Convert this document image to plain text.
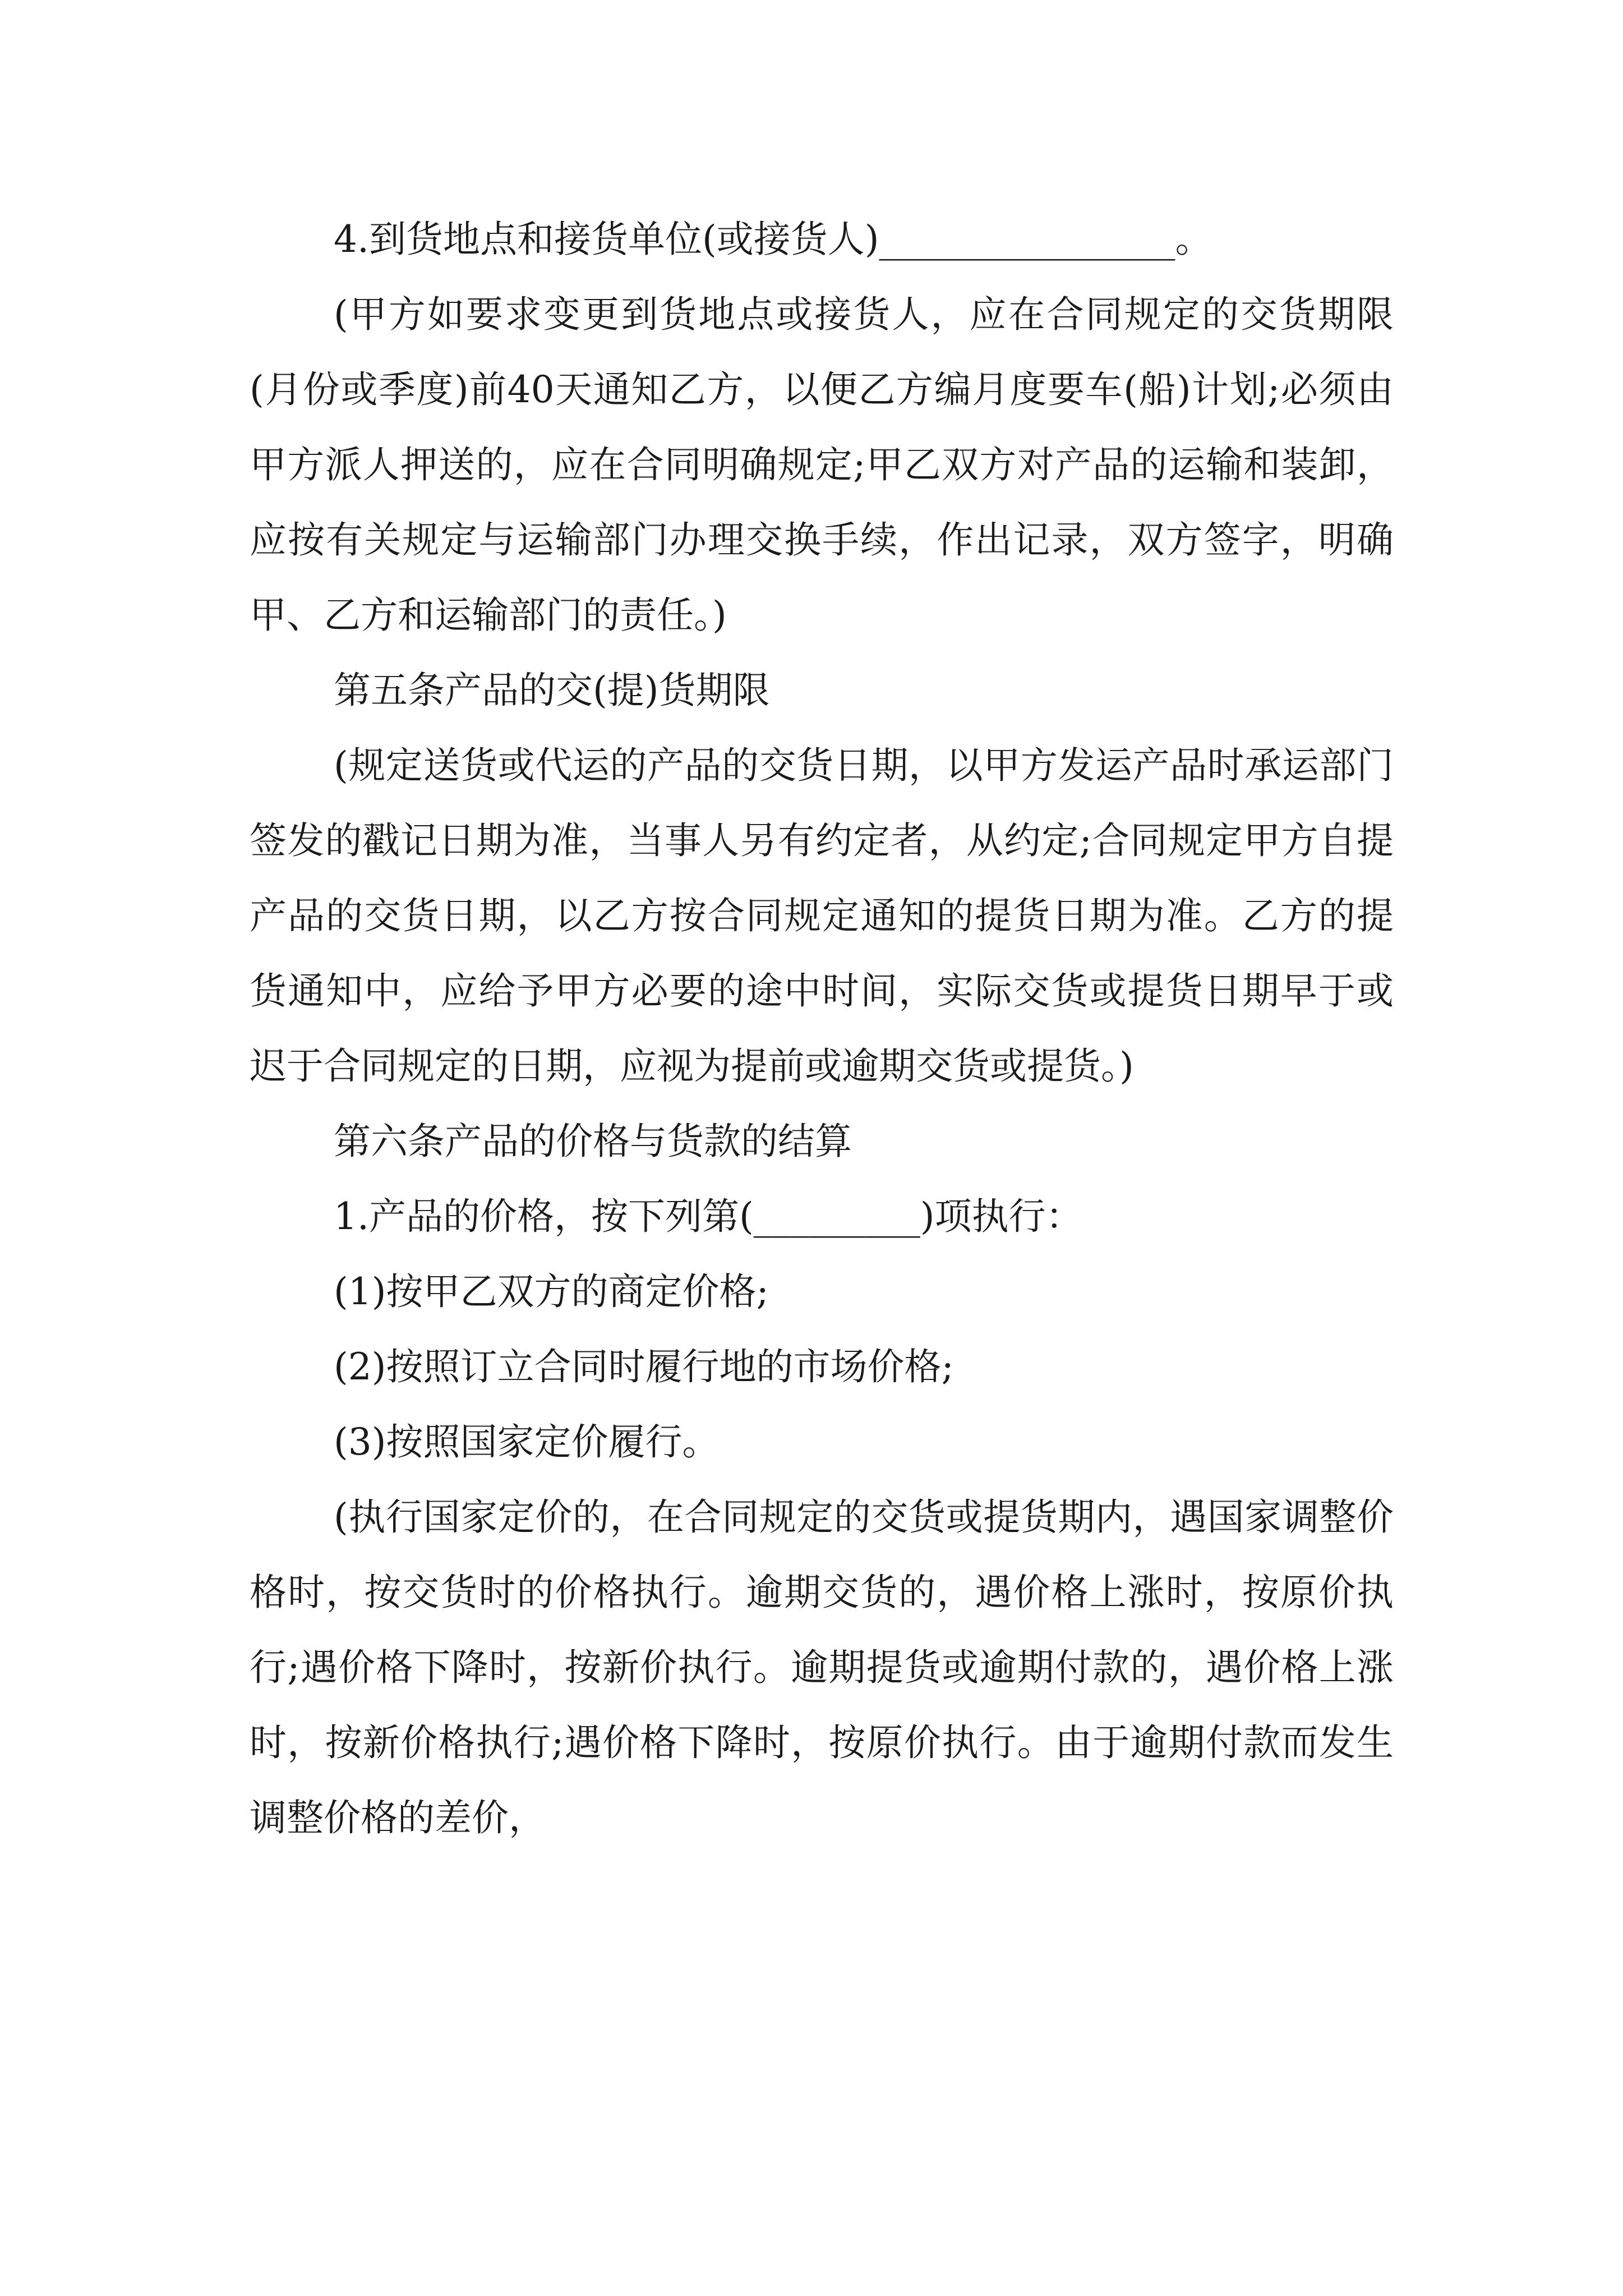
4.到货地点和接货单位(或接货人)________________。

(甲方如要求变更到货地点或接货人，应在合同规定的交货期限(月份或季度)前40天通知乙方，以便乙方编月度要车(船)计划;必须由甲方派人押送的，应在合同明确规定;甲乙双方对产品的运输和装卸，应按有关规定与运输部门办理交换手续，作出记录，双方签字，明确甲、乙方和运输部门的责任。)

第五条产品的交(提)货期限

(规定送货或代运的产品的交货日期，以甲方发运产品时承运部门签发的戳记日期为准，当事人另有约定者，从约定;合同规定甲方自提产品的交货日期，以乙方按合同规定通知的提货日期为准。乙方的提货通知中，应给予甲方必要的途中时间，实际交货或提货日期早于或迟于合同规定的日期，应视为提前或逾期交货或提货。)

第六条产品的价格与货款的结算

1.产品的价格，按下列第(_________)项执行：

(1)按甲乙双方的商定价格;

(2)按照订立合同时履行地的市场价格;

(3)按照国家定价履行。

(执行国家定价的，在合同规定的交货或提货期内，遇国家调整价格时，按交货时的价格执行。逾期交货的，遇价格上涨时，按原价执行;遇价格下降时，按新价执行。逾期提货或逾期付款的，遇价格上涨时，按新价格执行;遇价格下降时，按原价执行。由于逾期付款而发生调整价格的差价，
